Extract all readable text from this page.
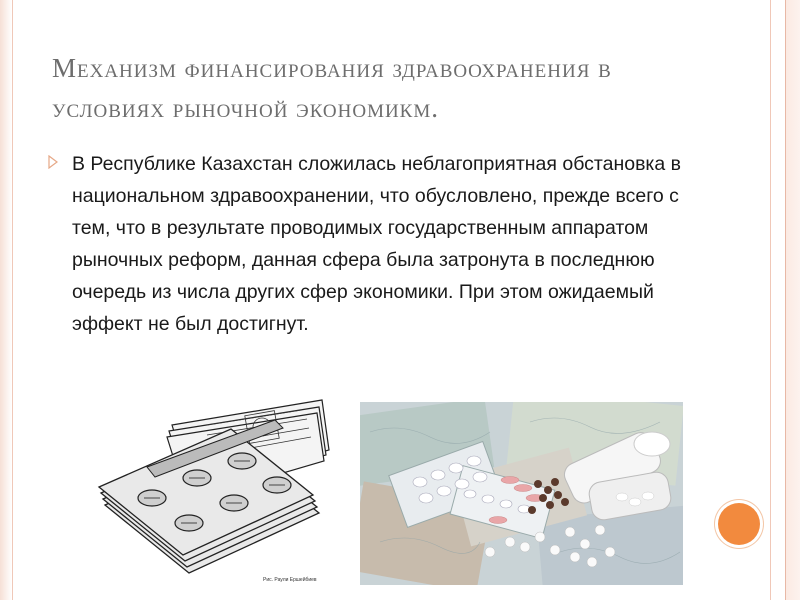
Механизм финансирования здравоохранения в условиях рыночной экономикм.
В Республике Казахстан сложилась неблагоприятная обстановка в национальном здравоохранении, что обусловлено, прежде всего с тем, что в результате проводимых государственным аппаратом рыночных реформ, данная сфера была затронута в последнюю очередь из числа других сфер экономики. При этом ожидаемый эффект не был достигнут.
Рис. Раули Ершейбиев
